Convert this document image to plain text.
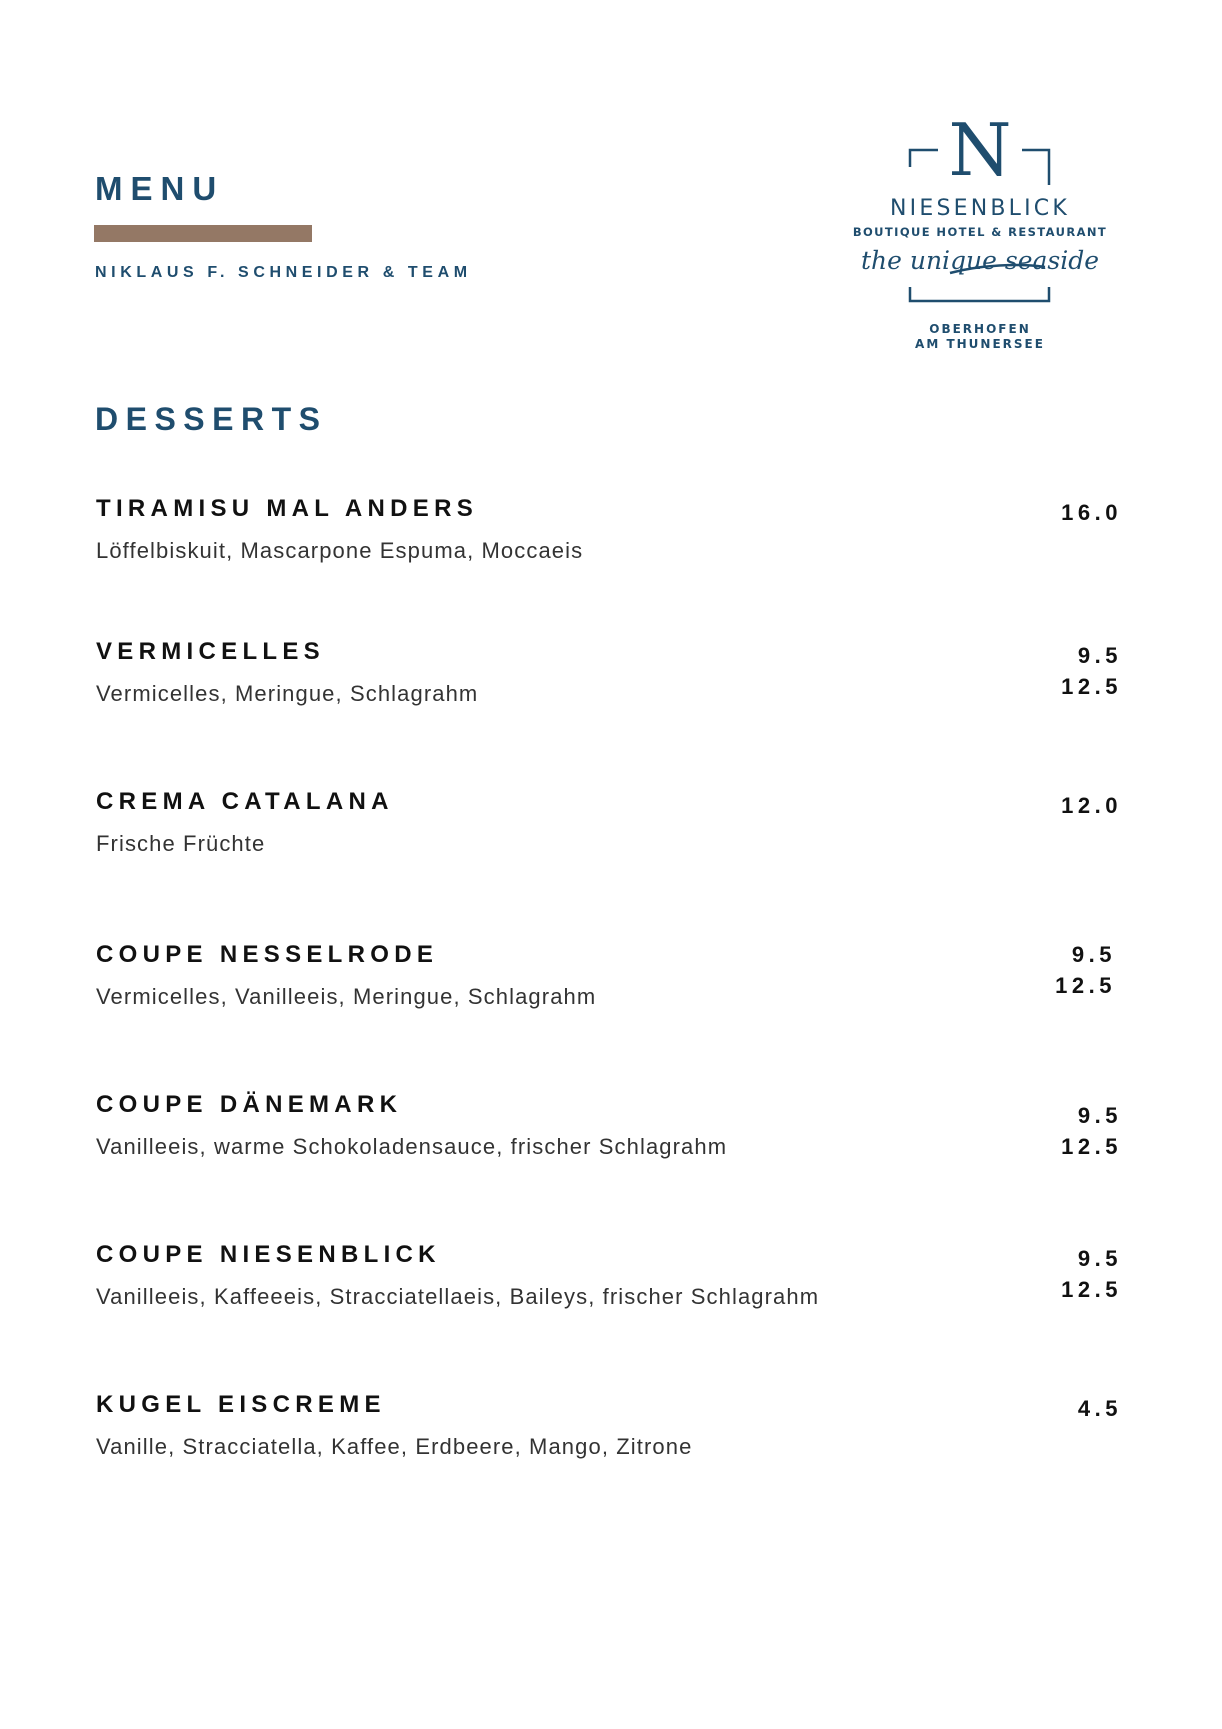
MENU
NIKLAUS F. SCHNEIDER & TEAM
N
NIESENBLICK
BOUTIQUE HOTEL & RESTAURANT
the unique seaside
OBERHOFEN
AM THUNERSEE
DESSERTS
TIRAMISU MAL ANDERS
Löffelbiskuit, Mascarpone Espuma, Moccaeis
16.0
VERMICELLES
Vermicelles, Meringue, Schlagrahm
9.5
12.5
CREMA CATALANA
Frische Früchte
12.0
COUPE NESSELRODE
Vermicelles, Vanilleeis, Meringue, Schlagrahm
9.5
12.5
COUPE DÄNEMARK
Vanilleeis, warme Schokoladensauce, frischer Schlagrahm
9.5
12.5
COUPE NIESENBLICK
Vanilleeis, Kaffeeeis, Stracciatellaeis, Baileys, frischer Schlagrahm
9.5
12.5
KUGEL EISCREME
Vanille, Stracciatella, Kaffee, Erdbeere, Mango, Zitrone
4.5
